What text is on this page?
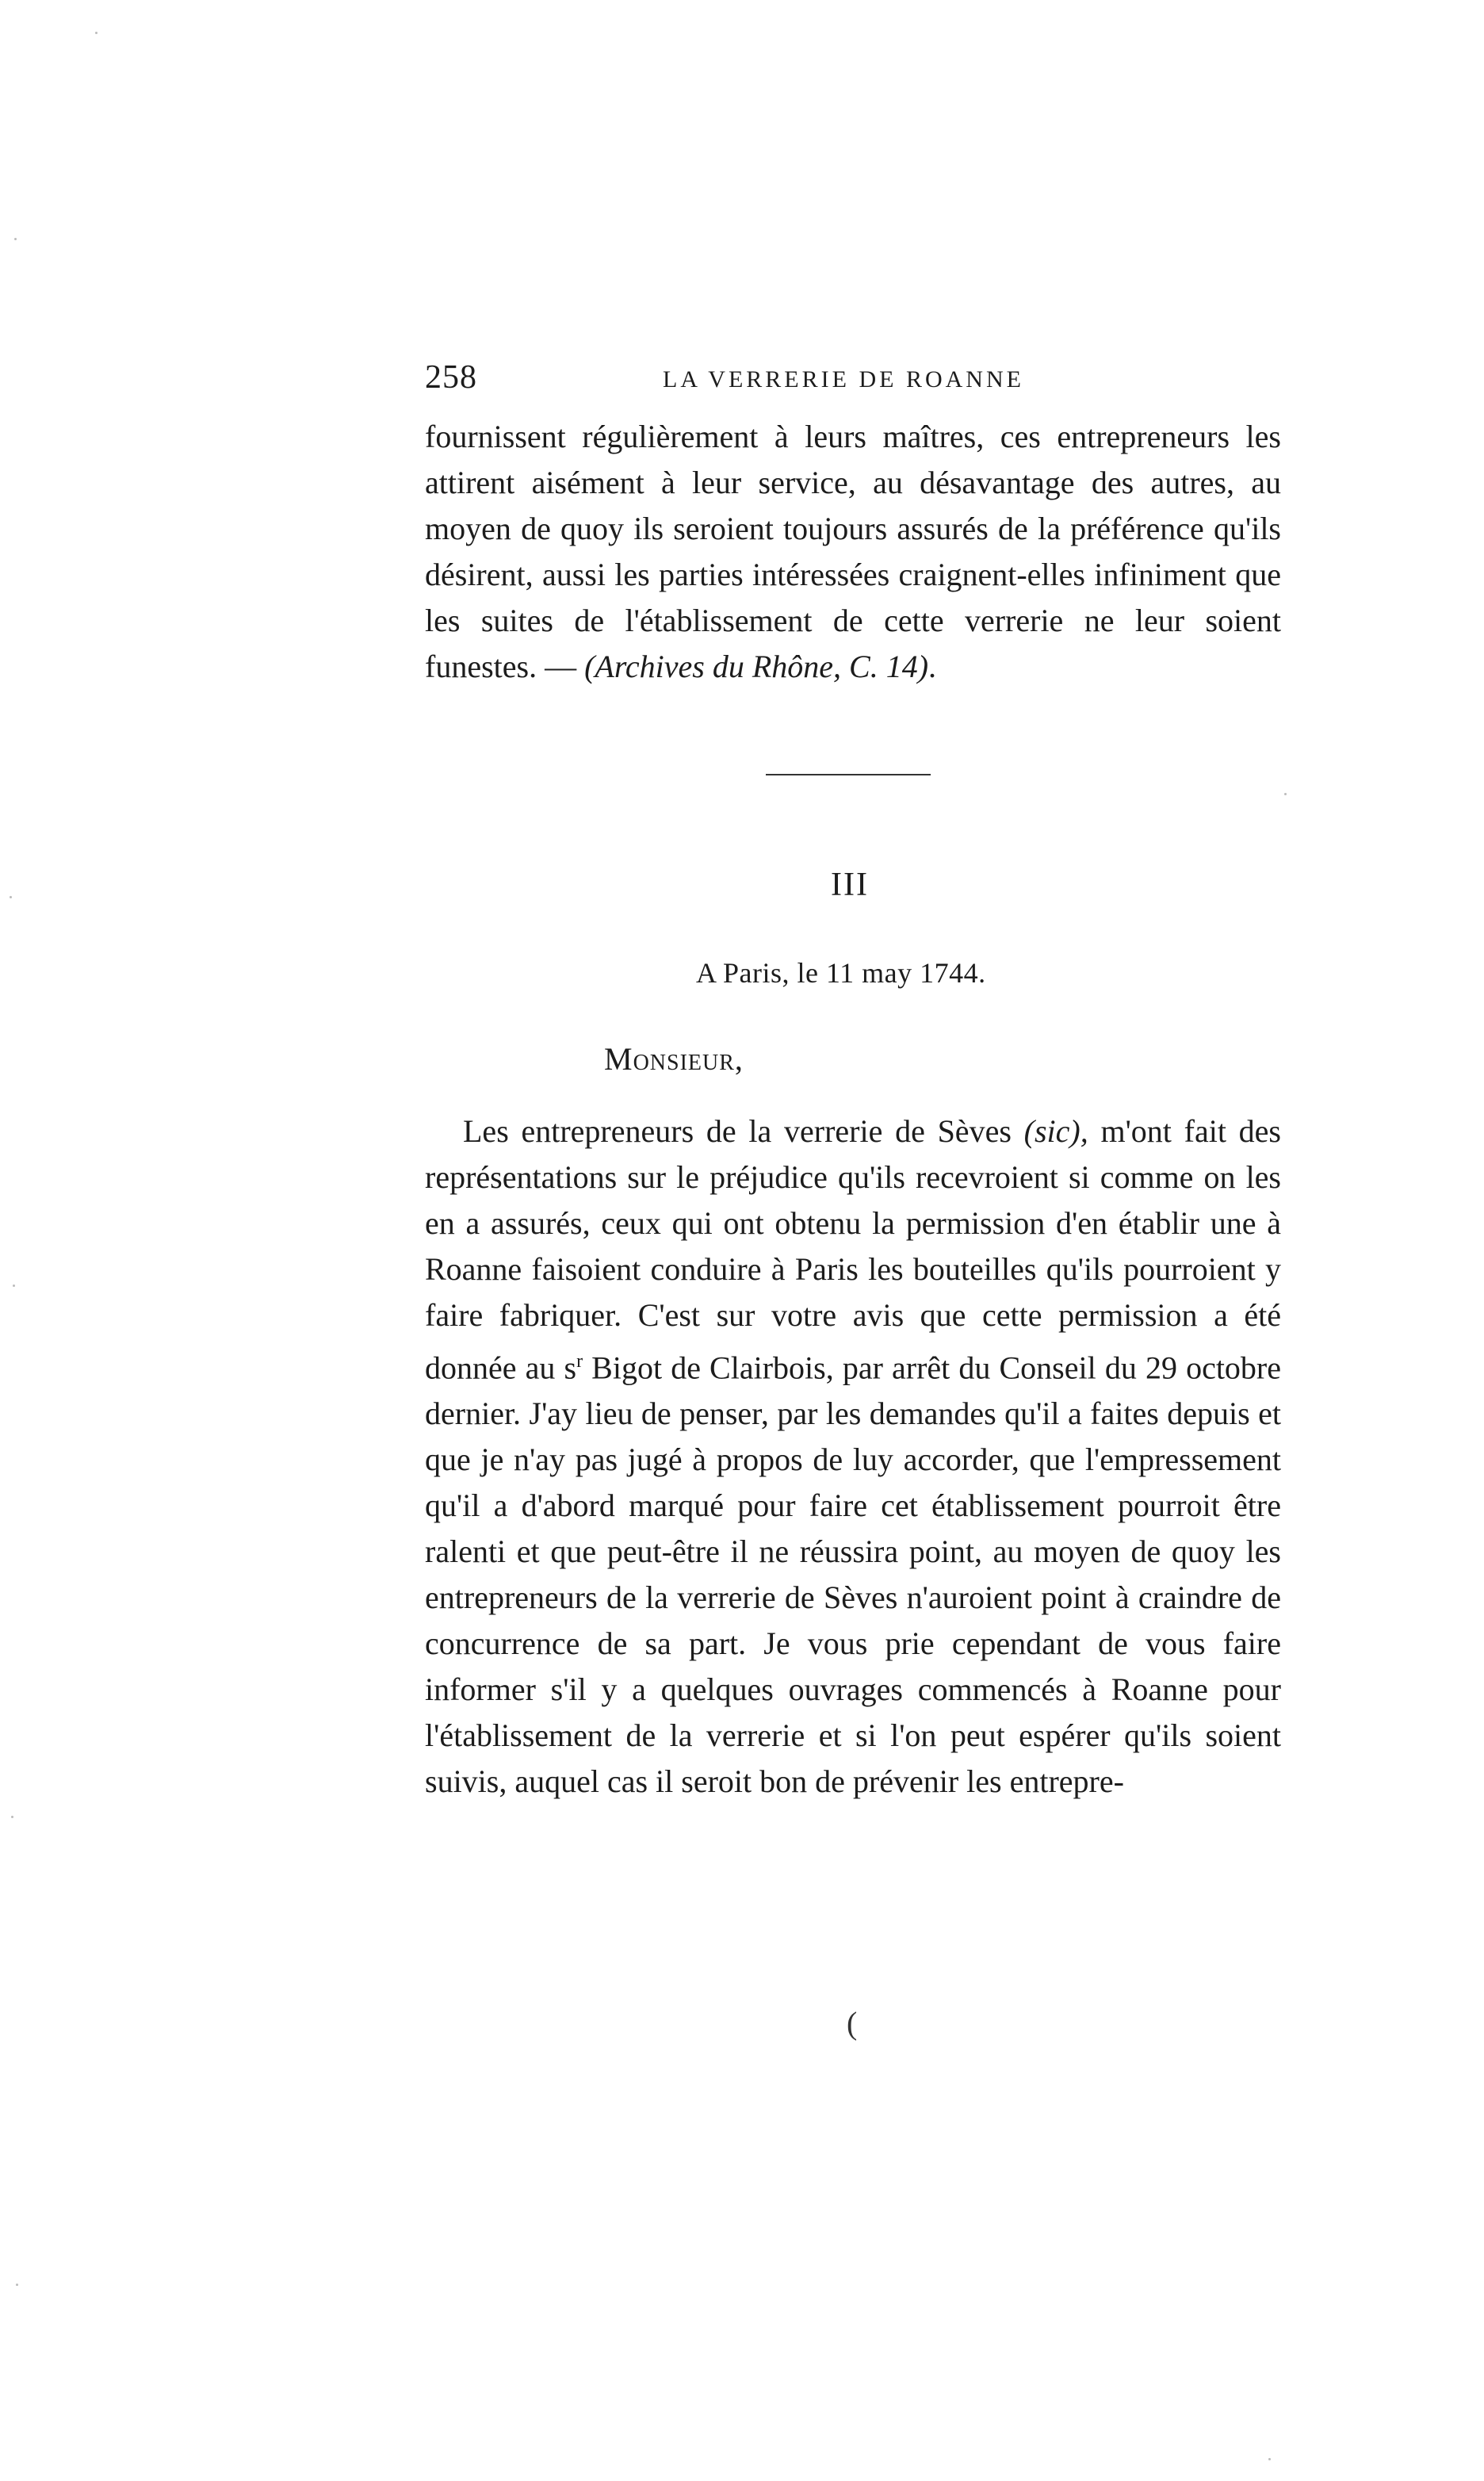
258	LA VERRERIE DE ROANNE

fournissent régulièrement à leurs maîtres, ces entrepreneurs les attirent aisément à leur service, au désavantage des autres, au moyen de quoy ils seroient toujours assurés de la préférence qu'ils désirent, aussi les parties intéressées craignent-elles infiniment que les suites de l'établissement de cette verrerie ne leur soient funestes. — (Archives du Rhône, C. 14).

III
A Paris, le 11 may 1744.
Monsieur,

Les entrepreneurs de la verrerie de Sèves (sic), m'ont fait des représentations sur le préjudice qu'ils recevroient si comme on les en a assurés, ceux qui ont obtenu la permission d'en établir une à Roanne faisoient conduire à Paris les bouteilles qu'ils pourroient y faire fabriquer. C'est sur votre avis que cette permission a été donnée au $s^r$ Bigot de Clairbois, par arrêt du Conseil du 29 octobre dernier. J'ay lieu de penser, par les demandes qu'il a faites depuis et que je n'ay pas jugé à propos de luy accorder, que l'empressement qu'il a d'abord marqué pour faire cet établissement pourroit être ralenti et que peut-être il ne réussira point, au moyen de quoy les entrepreneurs de la verrerie de Sèves n'auroient point à craindre de concurrence de sa part. Je vous prie cependant de vous faire informer s'il y a quelques ouvrages commencés à Roanne pour l'établissement de la verrerie et si l'on peut espérer qu'ils soient suivis, auquel cas il seroit bon de prévenir les entrepre-

(
